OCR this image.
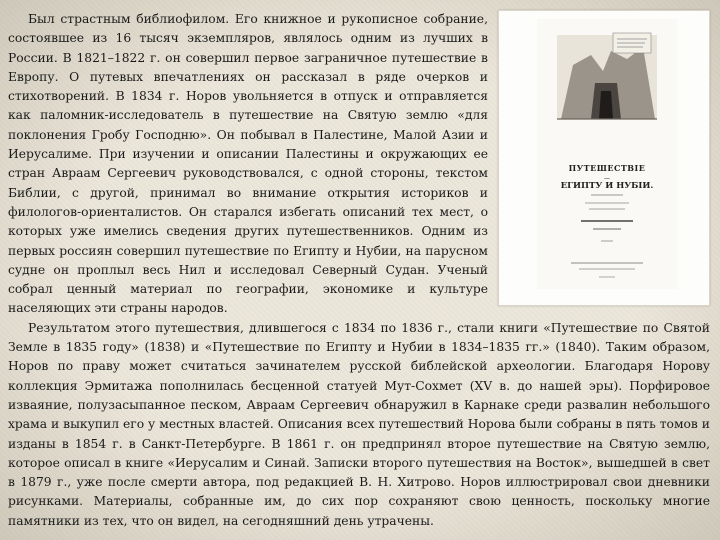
ПУТЕШЕСТВІЕ
—
ЕГИПТУ И НУБІИ.

Был страстным библиофилом. Его книжное и рукописное собрание, состоявшее из 16 тысяч экземпляров, являлось одним из лучших в России. В 1821–1822 г. он совершил первое заграничное путешествие в Европу. О путевых впечатлениях он рассказал в ряде очерков и стихотворений. В 1834 г. Норов увольняется в отпуск и отправляется как паломник-исследователь в путешествие на Святую землю «для поклонения Гробу Господню». Он побывал в Палестине, Малой Азии и Иерусалиме. При изучении и описании Палестины и окружающих ее стран Авраам Сергеевич руководствовался, с одной стороны, текстом Библии, с другой, принимал во внимание открытия историков и филологов-ориенталистов. Он старался избегать описаний тех мест, о которых уже имелись сведения других путешественников. Одним из первых россиян совершил путешествие по Египту и Нубии, на парусном судне он проплыл весь Нил и исследовал Северный Судан. Ученый собрал ценный материал по географии, экономике и культуре населяющих эти страны народов.

Результатом этого путешествия, длившегося с 1834 по 1836 г., стали книги «Путешествие по Святой Земле в 1835 году» (1838) и «Путешествие по Египту и Нубии в 1834–1835 гг.» (1840). Таким образом, Норов по праву может считаться зачинателем русской библейской археологии. Благодаря Норову коллекция Эрмитажа пополнилась бесценной статуей Мут-Сохмет (XV в. до нашей эры). Порфировое изваяние, полузасыпанное песком, Авраам Сергеевич обнаружил в Карнаке среди развалин небольшого храма и выкупил его у местных властей. Описания всех путешествий Норова были собраны в пять томов и изданы в 1854 г. в Санкт-Петербурге. В 1861 г. он предпринял второе путешествие на Святую землю, которое описал в книге «Иерусалим и Синай. Записки второго путешествия на Восток», вышедшей в свет в 1879 г., уже после смерти автора, под редакцией В. Н. Хитрово. Норов иллюстрировал свои дневники рисунками. Материалы, собранные им, до сих пор сохраняют свою ценность, поскольку многие памятники из тех, что он видел, на сегодняшний день утрачены.
